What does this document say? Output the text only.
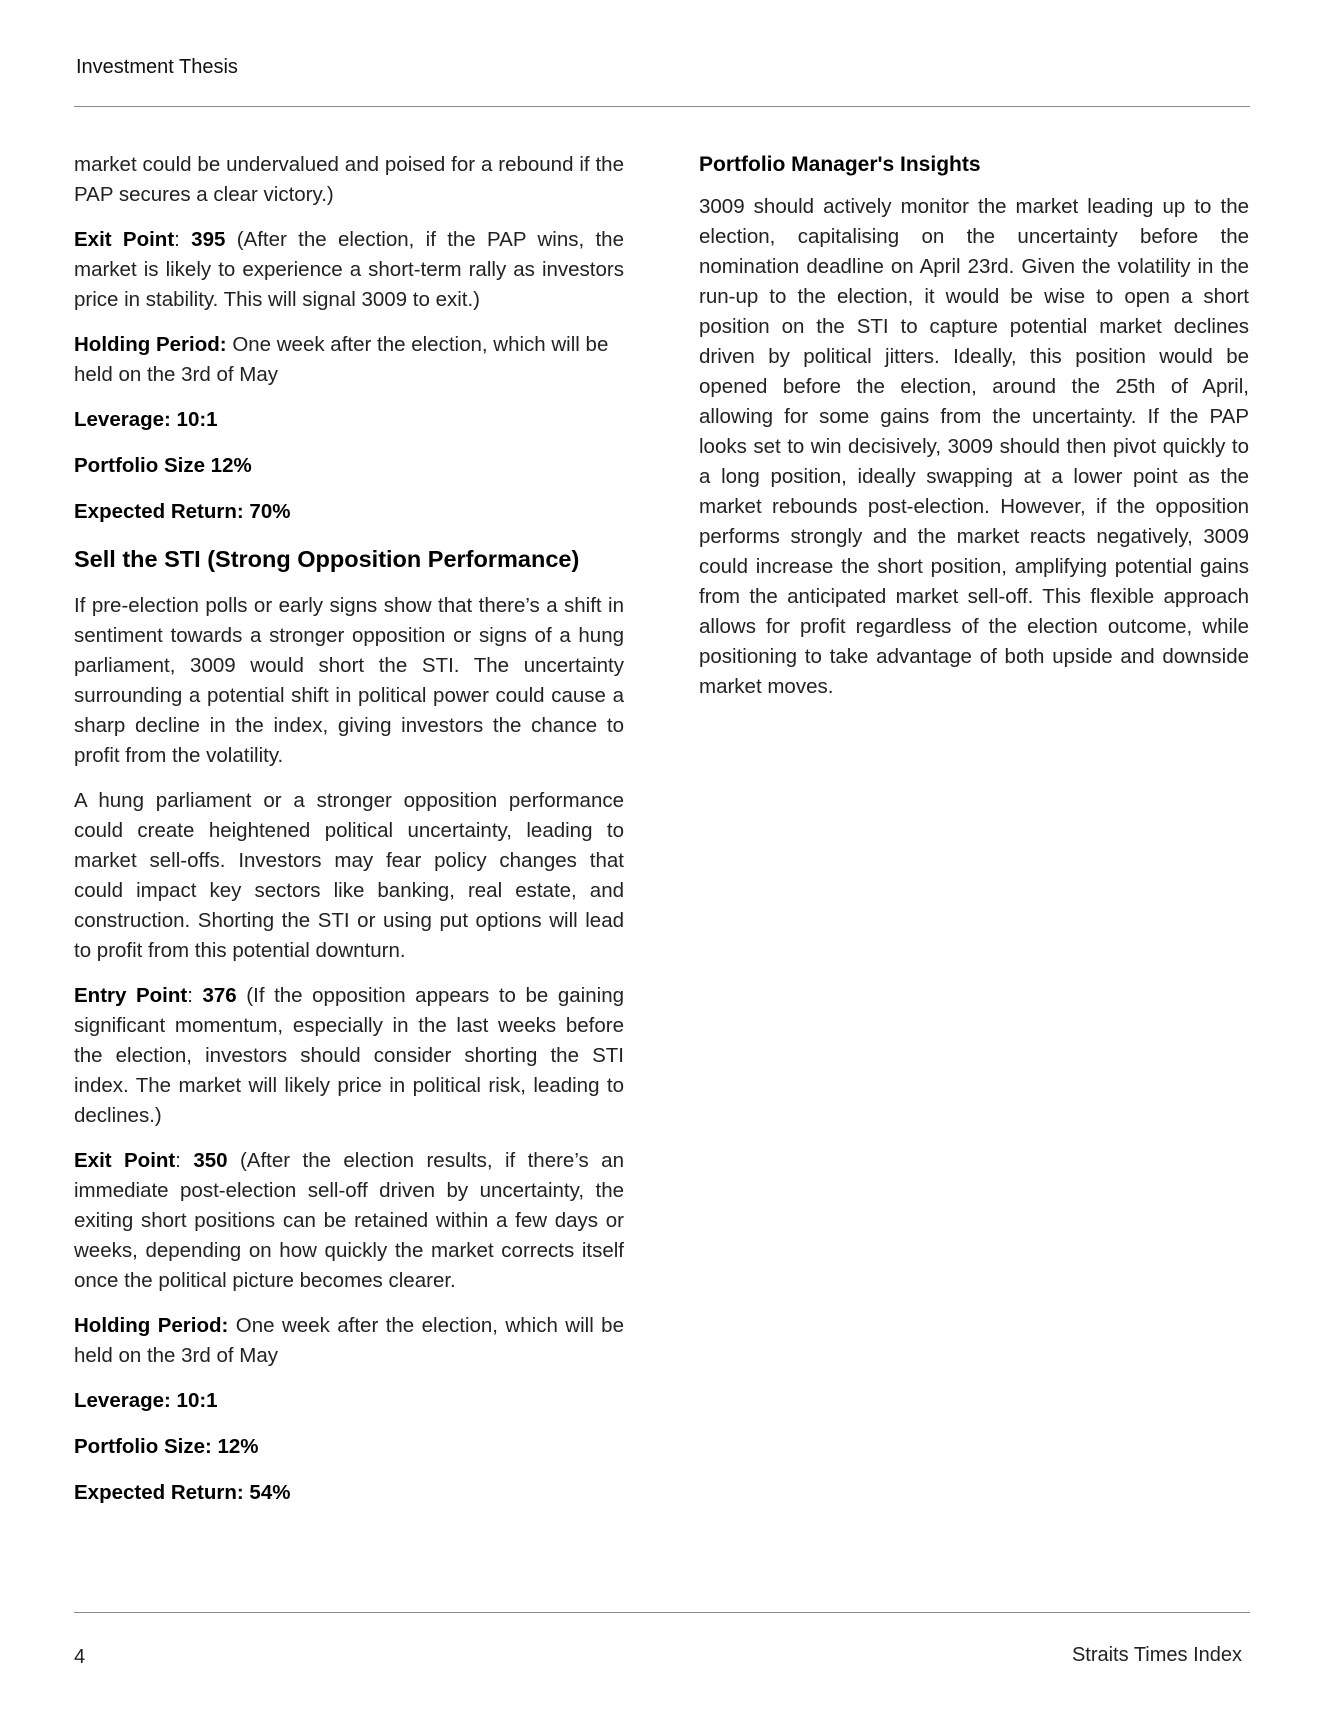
Investment Thesis

market could be undervalued and poised for a rebound if the PAP secures a clear victory.)

Exit Point: 395 (After the election, if the PAP wins, the market is likely to experience a short-term rally as investors price in stability. This will signal 3009 to exit.)

Holding Period: One week after the election, which will be held on the 3rd of May

Leverage: 10:1
Portfolio Size 12%
Expected Return: 70%
Sell the STI (Strong Opposition Performance)

If pre-election polls or early signs show that there’s a shift in sentiment towards a stronger opposition or signs of a hung parliament, 3009 would short the STI. The uncertainty surrounding a potential shift in political power could cause a sharp decline in the index, giving investors the chance to profit from the volatility.

A hung parliament or a stronger opposition performance could create heightened political uncertainty, leading to market sell-offs. Investors may fear policy changes that could impact key sectors like banking, real estate, and construction. Shorting the STI or using put options will lead to profit from this potential downturn.

Entry Point: 376 (If the opposition appears to be gaining significant momentum, especially in the last weeks before the election, investors should consider shorting the STI index. The market will likely price in political risk, leading to declines.)

Exit Point: 350 (After the election results, if there’s an immediate post-election sell-off driven by uncertainty, the exiting short positions can be retained within a few days or weeks, depending on how quickly the market corrects itself once the political picture becomes clearer.

Holding Period: One week after the election, which will be held on the 3rd of May

Leverage: 10:1
Portfolio Size: 12%
Expected Return: 54%
Portfolio Manager's Insights

3009 should actively monitor the market leading up to the election, capitalising on the uncertainty before the nomination deadline on April 23rd. Given the volatility in the run-up to the election, it would be wise to open a short position on the STI to capture potential market declines driven by political jitters. Ideally, this position would be opened before the election, around the 25th of April, allowing for some gains from the uncertainty. If the PAP looks set to win decisively, 3009 should then pivot quickly to a long position, ideally swapping at a lower point as the market rebounds post-election. However, if the opposition performs strongly and the market reacts negatively, 3009 could increase the short position, amplifying potential gains from the anticipated market sell-off. This flexible approach allows for profit regardless of the election outcome, while positioning to take advantage of both upside and downside market moves.

4	Straits Times Index
